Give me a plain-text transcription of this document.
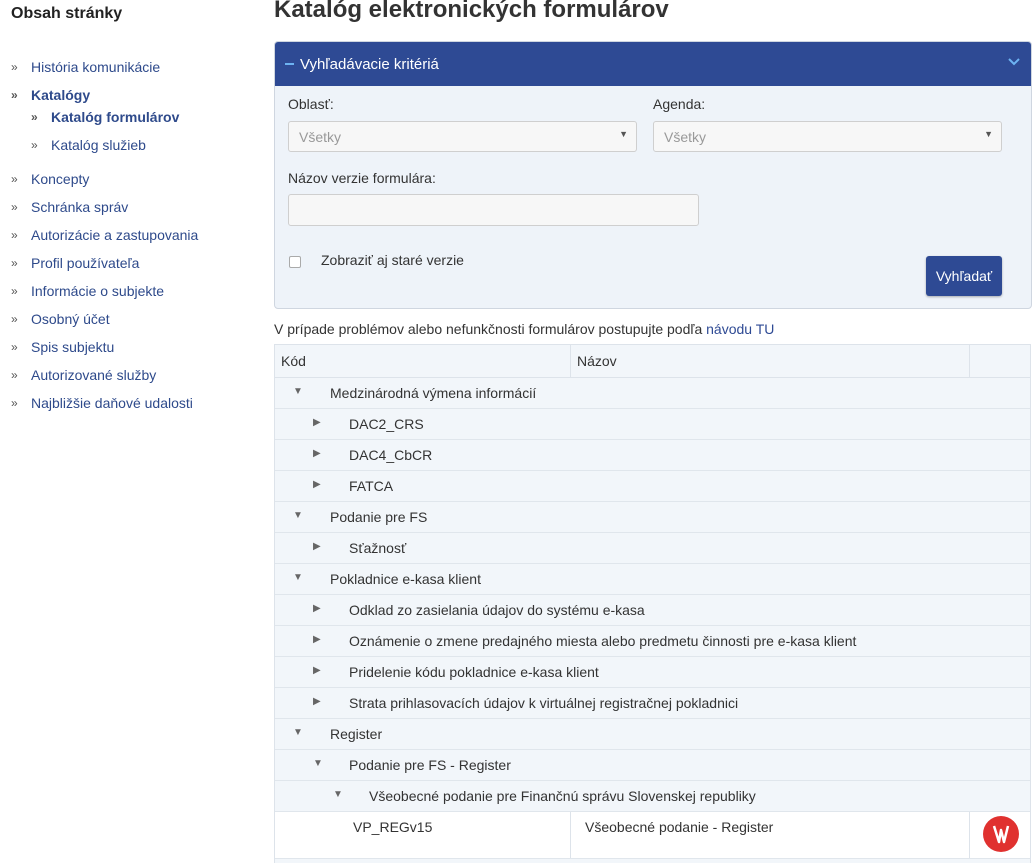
Obsah stránky
» História komunikácie
» Katalógy
» Katalóg formulárov
» Katalóg služieb
» Koncepty
» Schránka správ
» Autorizácie a zastupovania
» Profil používateľa
» Informácie o subjekte
» Osobný účet
» Spis subjektu
» Autorizované služby
» Najbližšie daňové udalosti
Katalóg elektronických formulárov
Vyhľadávacie kritériá
Oblasť:
Všetky	▼
Agenda:
Všetky	▼
Názov verzie formulára:
Zobraziť aj staré verzie
Vyhľadať
V prípade problémov alebo nefunkčnosti formulárov postupujte podľa návodu TU
Kód	Názov
▼ Medzinárodná výmena informácií
▶ DAC2_CRS
▶ DAC4_CbCR
▶ FATCA
▼ Podanie pre FS
▶ Sťažnosť
▼ Pokladnice e-kasa klient
▶ Odklad zo zasielania údajov do systému e-kasa
▶ Oznámenie o zmene predajného miesta alebo predmetu činnosti pre e-kasa klient
▶ Pridelenie kódu pokladnice e-kasa klient
▶ Strata prihlasovacích údajov k virtuálnej registračnej pokladnici
▼ Register
▼ Podanie pre FS - Register
▼ Všeobecné podanie pre Finančnú správu Slovenskej republiky
VP_REGv15	Všeobecné podanie - Register
